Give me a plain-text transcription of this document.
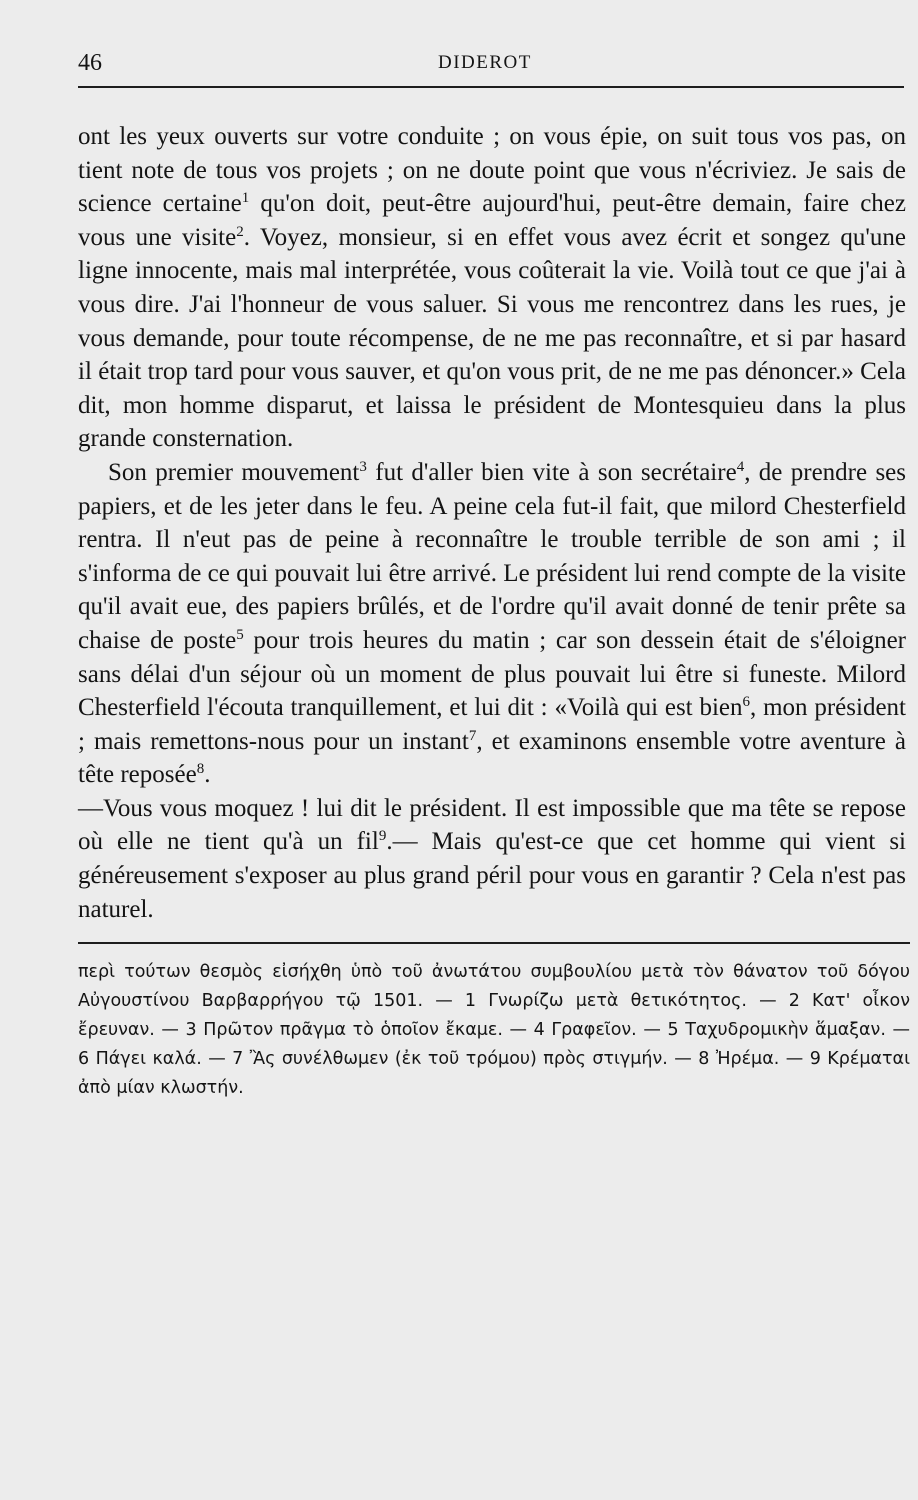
46	DIDEROT

ont les yeux ouverts sur votre conduite ; on vous épie, on suit tous vos pas, on tient note de tous vos projets ; on ne doute point que vous n'écriviez. Je sais de science certaine$^1$ qu'on doit, peut-être aujourd'hui, peut-être demain, faire chez vous une visite$^2$. Voyez, monsieur, si en effet vous avez écrit et songez qu'une ligne innocente, mais mal interprétée, vous coûterait la vie. Voilà tout ce que j'ai à vous dire. J'ai l'honneur de vous saluer. Si vous me rencontrez dans les rues, je vous demande, pour toute récompense, de ne me pas reconnaître, et si par hasard il était trop tard pour vous sauver, et qu'on vous prit, de ne me pas dénoncer.» Cela dit, mon homme disparut, et laissa le président de Montesquieu dans la plus grande consternation.

Son premier mouvement$^3$ fut d'aller bien vite à son secrétaire$^4$, de prendre ses papiers, et de les jeter dans le feu. A peine cela fut-il fait, que milord Chesterfield rentra. Il n'eut pas de peine à reconnaître le trouble terrible de son ami ; il s'informa de ce qui pouvait lui être arrivé. Le président lui rend compte de la visite qu'il avait eue, des papiers brûlés, et de l'ordre qu'il avait donné de tenir prête sa chaise de poste$^5$ pour trois heures du matin ; car son dessein était de s'éloigner sans délai d'un séjour où un moment de plus pouvait lui être si funeste. Milord Chesterfield l'écouta tranquillement, et lui dit : «Voilà qui est bien$^6$, mon président ; mais remettons-nous pour un instant$^7$, et examinons ensemble votre aventure à tête reposée$^8$.

—Vous vous moquez ! lui dit le président. Il est impossible que ma tête se repose où elle ne tient qu'à un fil$^9$.— Mais qu'est-ce que cet homme qui vient si généreusement s'exposer au plus grand péril pour vous en garantir ? Cela n'est pas naturel.

περὶ τούτων θεσμὸς εἰσήχθη ὑπὸ τοῦ ἀνωτάτου συμβουλίου μετὰ τὸν θάνατον τοῦ δόγου Αὐγουστίνου Βαρβαρρήγου τῷ 1501. — 1 Γνωρίζω μετὰ θετικότητος. — 2 Κατ' οἶκον ἔρευναν. — 3 Πρῶτον πρᾶγμα τὸ ὁποῖον ἔκαμε. — 4 Γραφεῖον. — 5 Ταχυδρομικὴν ἅμαξαν. — 6 Πάγει καλά. — 7 Ἂς συνέλθωμεν (ἐκ τοῦ τρόμου) πρὸς στιγμήν. — 8 Ἠρέμα. — 9 Κρέμαται ἀπὸ μίαν κλωστήν.
